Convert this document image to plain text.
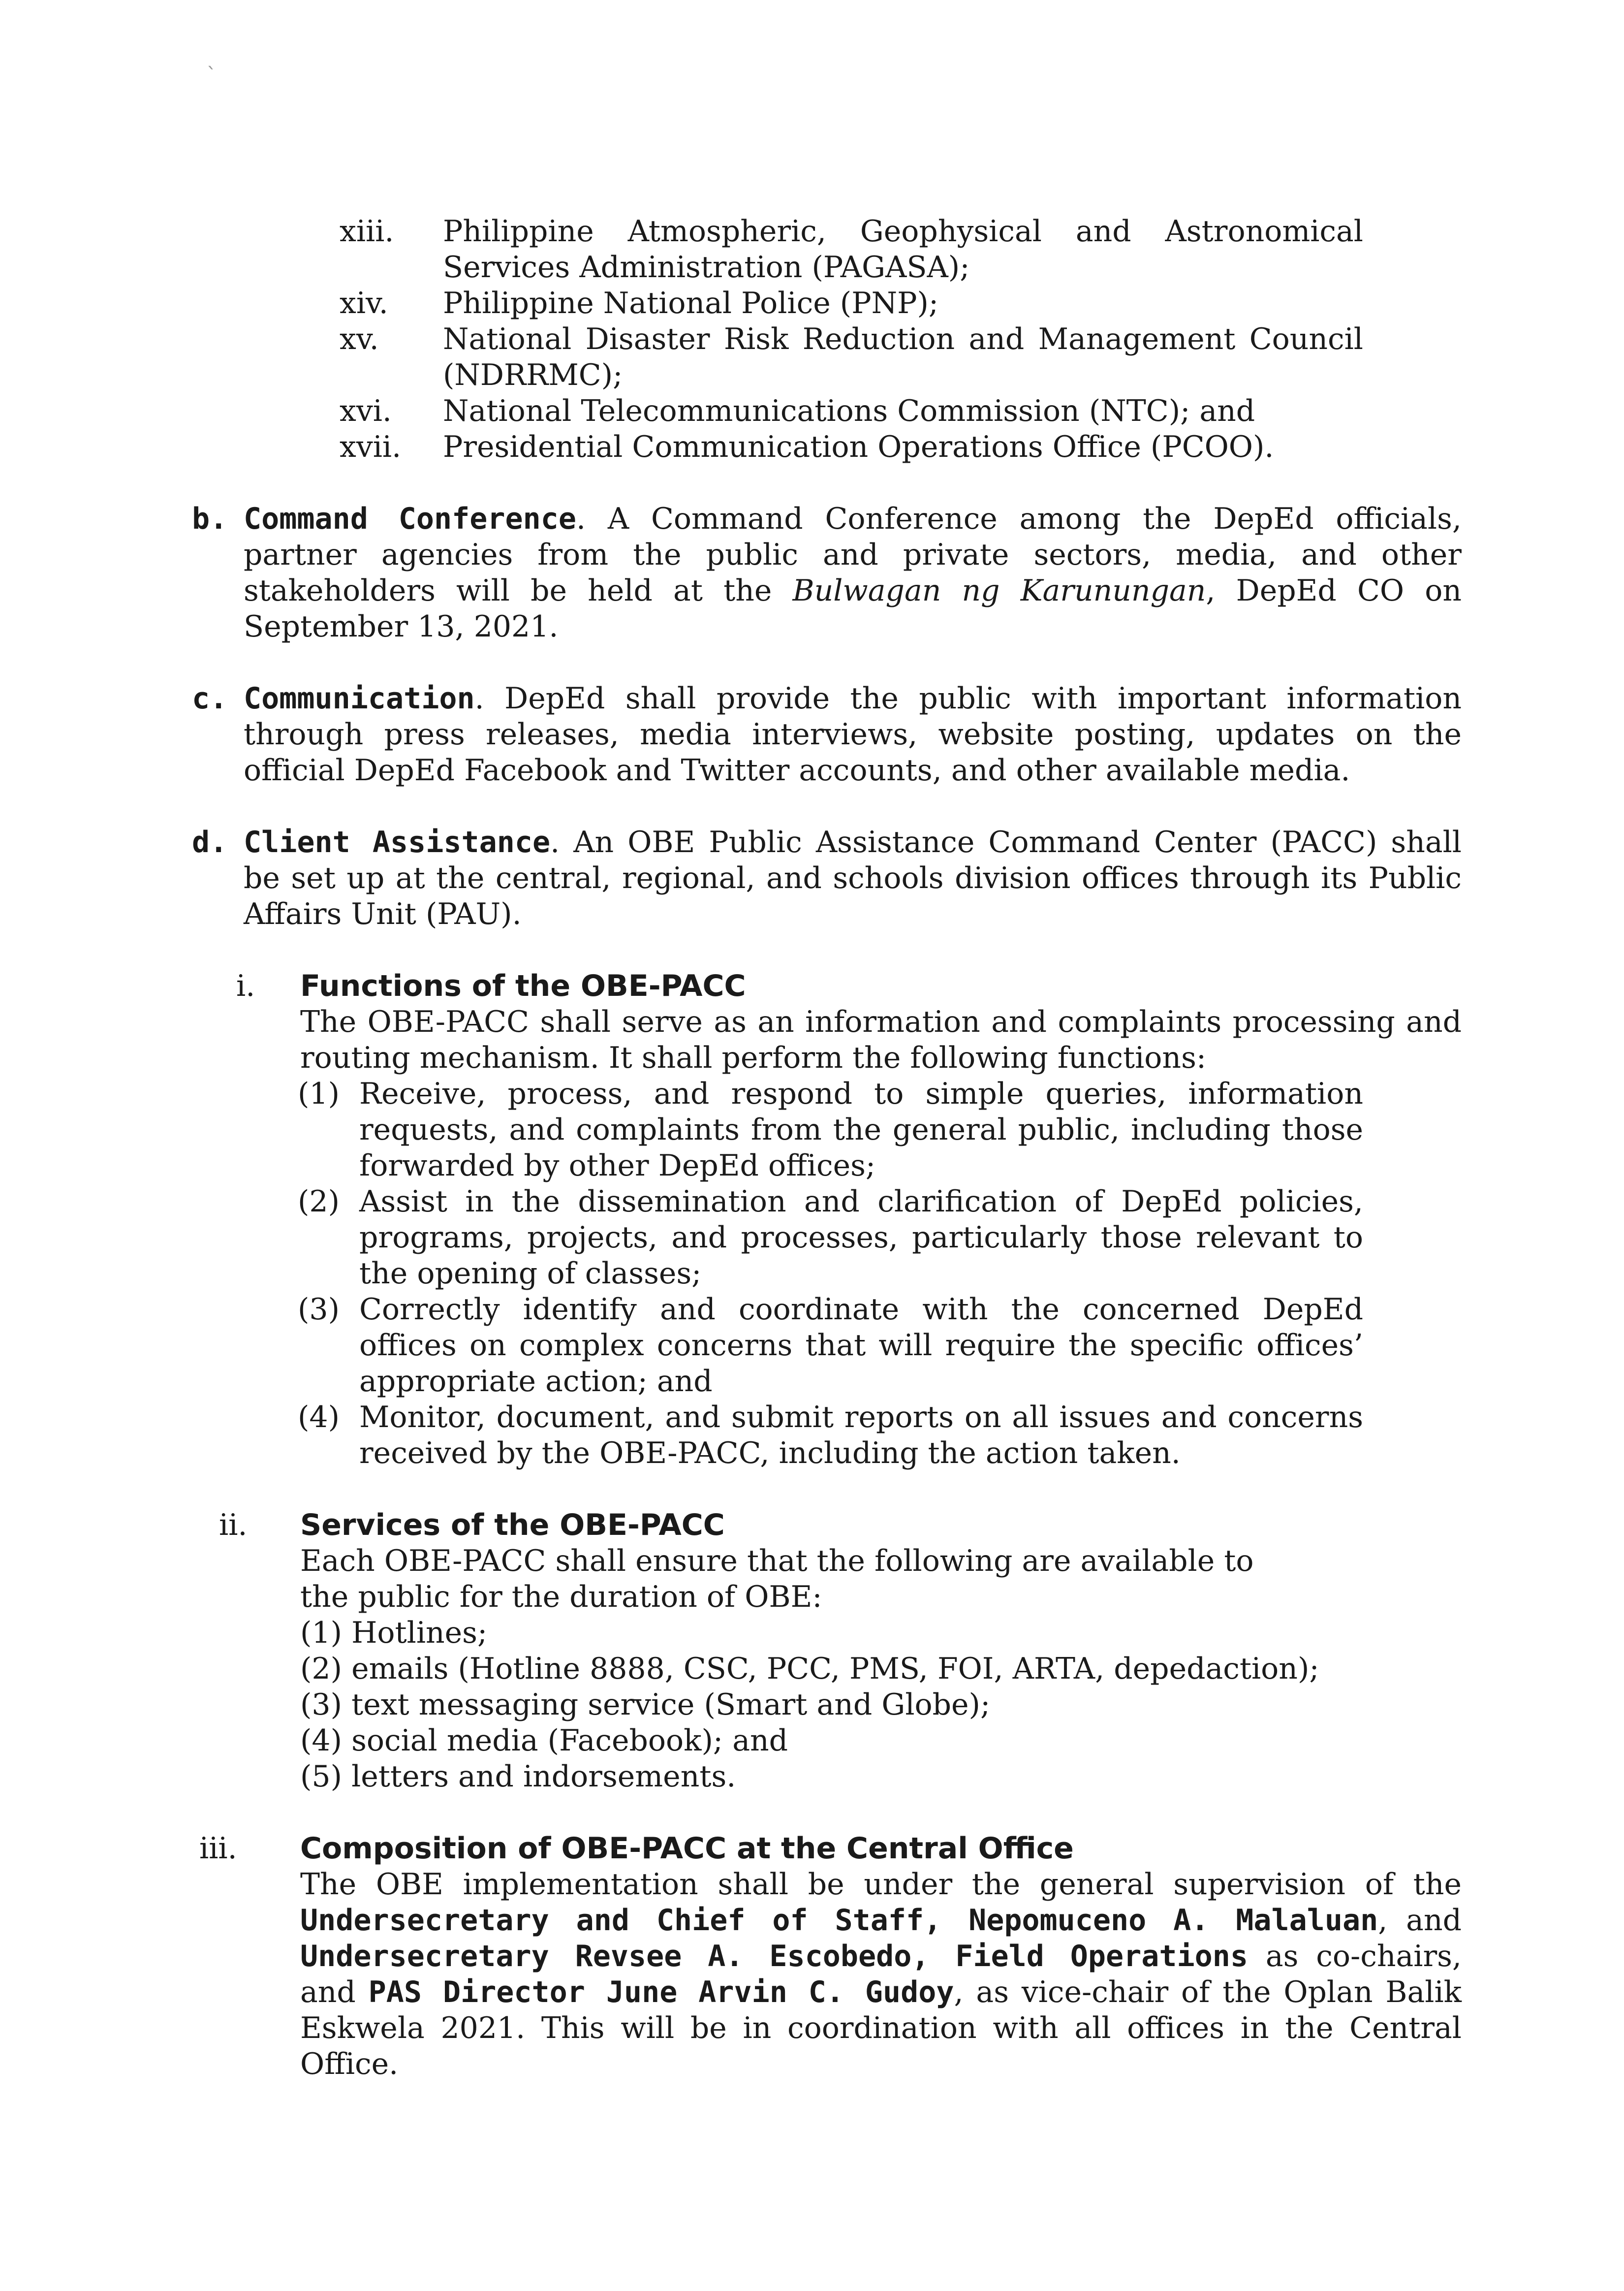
ˋ
xiii.	Philippine Atmospheric, Geophysical and Astronomical Services Administration (PAGASA);
xiv.	Philippine National Police (PNP);
xv.	National Disaster Risk Reduction and Management Council (NDRRMC);
xvi.	National Telecommunications Commission (NTC); and
xvii.	Presidential Communication Operations Office (PCOO).
b. Command Conference. A Command Conference among the DepEd officials, partner agencies from the public and private sectors, media, and other stakeholders will be held at the Bulwagan ng Karunungan, DepEd CO on September 13, 2021.
c. Communication. DepEd shall provide the public with important information through press releases, media interviews, website posting, updates on the official DepEd Facebook and Twitter accounts, and other available media.
d. Client Assistance. An OBE Public Assistance Command Center (PACC) shall be set up at the central, regional, and schools division offices through its Public Affairs Unit (PAU).
i.	Functions of the OBE-PACC
The OBE-PACC shall serve as an information and complaints processing and routing mechanism. It shall perform the following functions:
(1) Receive, process, and respond to simple queries, information requests, and complaints from the general public, including those forwarded by other DepEd offices;
(2) Assist in the dissemination and clarification of DepEd policies, programs, projects, and processes, particularly those relevant to the opening of classes;
(3) Correctly identify and coordinate with the concerned DepEd offices on complex concerns that will require the specific offices’ appropriate action; and
(4) Monitor, document, and submit reports on all issues and concerns received by the OBE-PACC, including the action taken.
ii.	Services of the OBE-PACC
Each OBE-PACC shall ensure that the following are available to
the public for the duration of OBE:
(1) Hotlines;
(2) emails (Hotline 8888, CSC, PCC, PMS, FOI, ARTA, depedaction);
(3) text messaging service (Smart and Globe);
(4) social media (Facebook); and
(5) letters and indorsements.
iii.	Composition of OBE-PACC at the Central Office
The OBE implementation shall be under the general supervision of the Undersecretary and Chief of Staff, Nepomuceno A. Malaluan, and Undersecretary Revsee A. Escobedo, Field Operations as co-chairs, and PAS Director June Arvin C. Gudoy, as vice-chair of the Oplan Balik Eskwela 2021. This will be in coordination with all offices in the Central Office.
